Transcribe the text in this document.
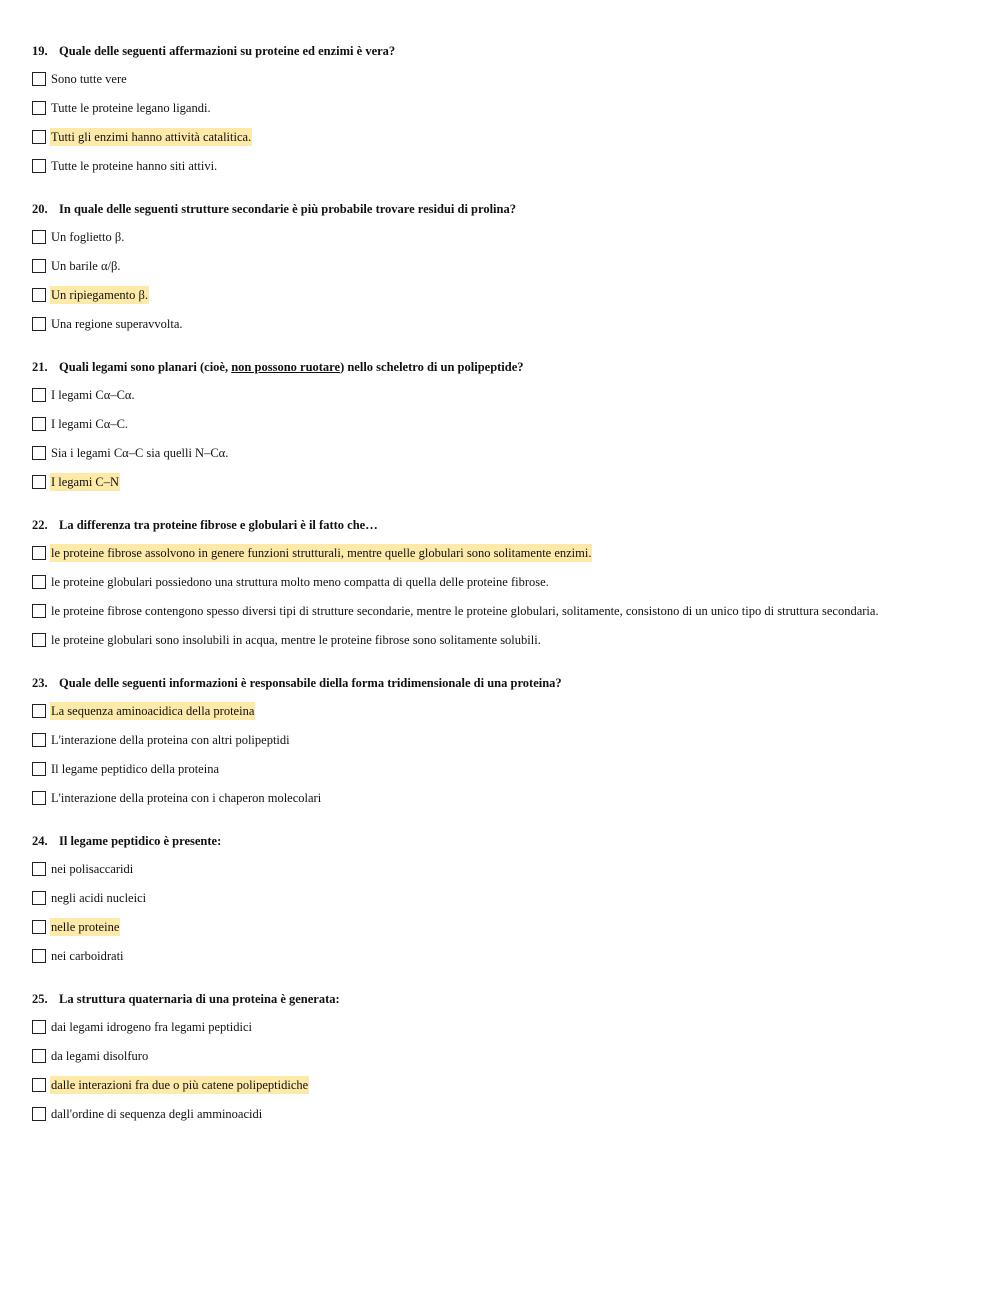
19. Quale delle seguenti affermazioni su proteine ed enzimi è vera?
Sono tutte vere
Tutte le proteine legano ligandi.
Tutti gli enzimi hanno attività catalitica.
Tutte le proteine hanno siti attivi.
20. In quale delle seguenti strutture secondarie è più probabile trovare residui di prolina?
Un foglietto β.
Un barile α/β.
Un ripiegamento β.
Una regione superavvolta.
21. Quali legami sono planari (cioè, non possono ruotare) nello scheletro di un polipeptide?
I legami Cα–Cα.
I legami Cα–C.
Sia i legami Cα–C sia quelli N–Cα.
I legami C–N
22. La differenza tra proteine fibrose e globulari è il fatto che…
le proteine fibrose assolvono in genere funzioni strutturali, mentre quelle globulari sono solitamente enzimi.
le proteine globulari possiedono una struttura molto meno compatta di quella delle proteine fibrose.
le proteine fibrose contengono spesso diversi tipi di strutture secondarie, mentre le proteine globulari, solitamente, consistono di un unico tipo di struttura secondaria.
le proteine globulari sono insolubili in acqua, mentre le proteine fibrose sono solitamente solubili.
23. Quale delle seguenti informazioni è responsabile diella forma tridimensionale di una proteina?
La sequenza aminoacidica della proteina
L'interazione della proteina con altri polipeptidi
Il legame peptidico della proteina
L'interazione della proteina con i chaperon molecolari
24. Il legame peptidico è presente:
nei polisaccaridi
negli acidi nucleici
nelle proteine
nei carboidrati
25. La struttura quaternaria di una proteina è generata:
dai legami idrogeno fra legami peptidici
da legami disolfuro
dalle interazioni fra due o più catene polipeptidiche
dall'ordine di sequenza degli amminoacidi
